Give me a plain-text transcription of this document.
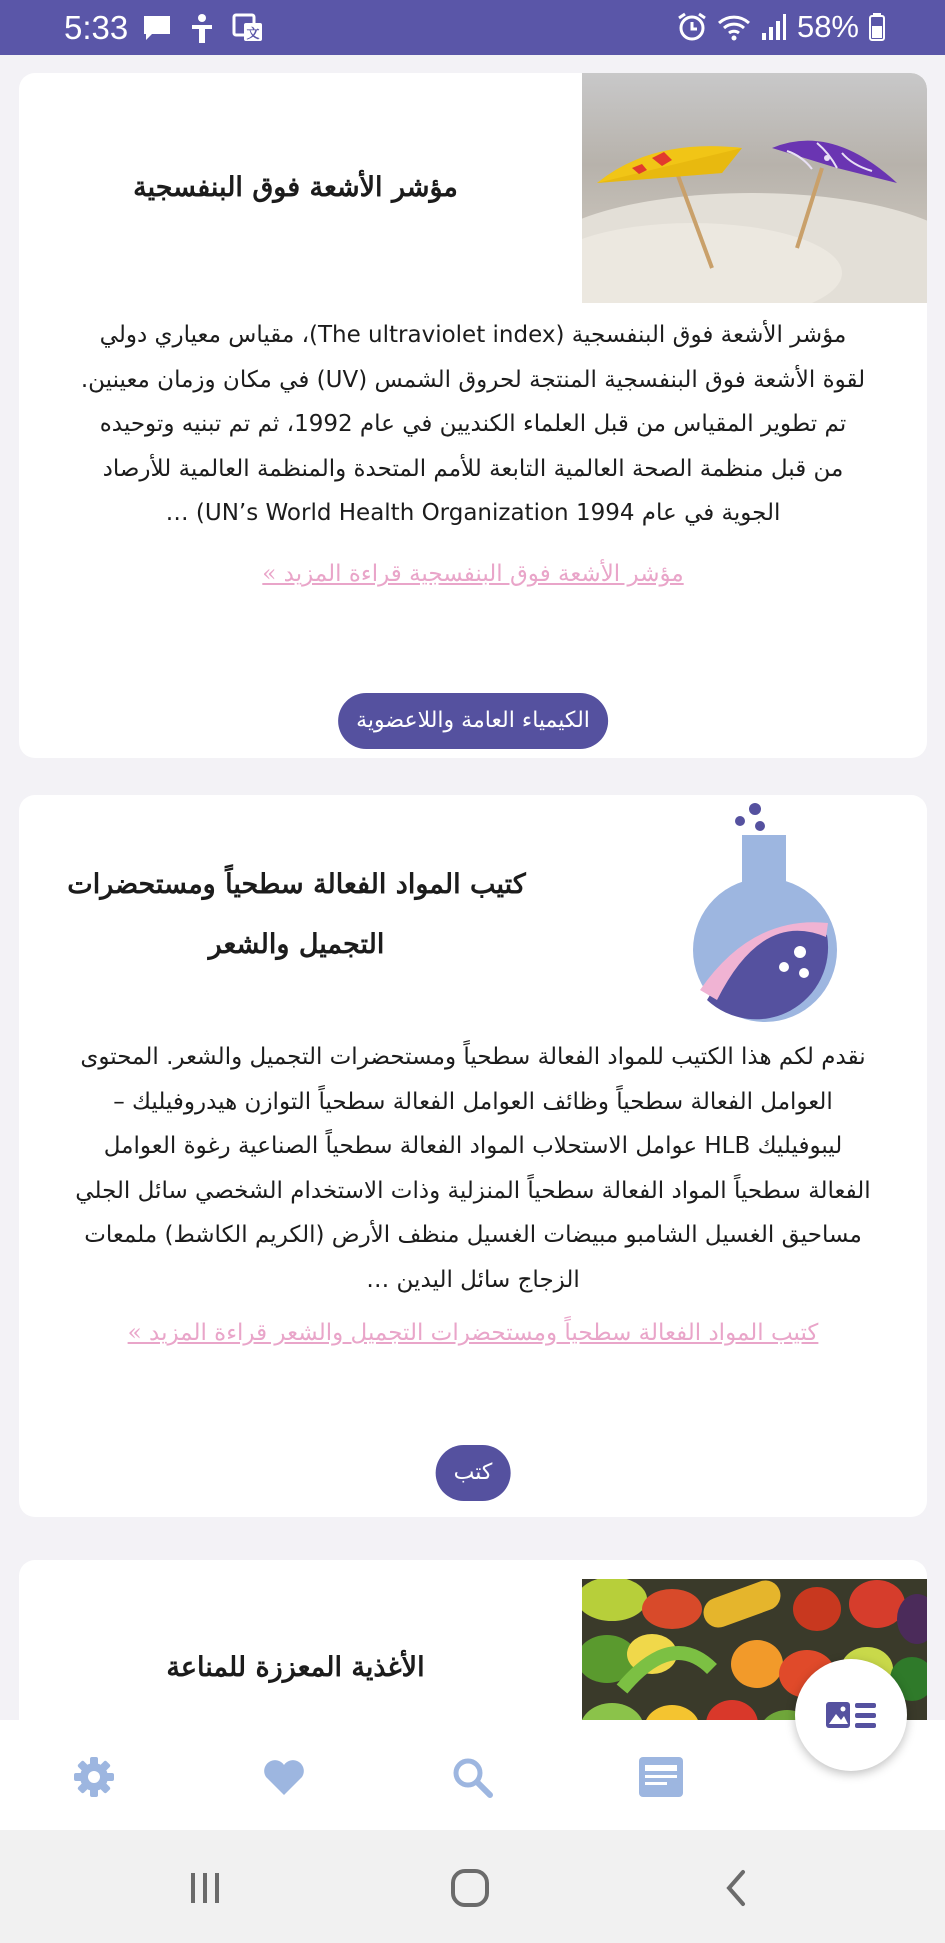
5:33	文	58%
مؤشر الأشعة فوق البنفسجية
مؤشر الأشعة فوق البنفسجية (The ultraviolet index)، مقياس معياري دولي
لقوة الأشعة فوق البنفسجية المنتجة لحروق الشمس (UV) في مكان وزمان معينين.
تم تطوير المقياس من قبل العلماء الكنديين في عام 1992، ثم تم تبنيه وتوحيده
من قبل منظمة الصحة العالمية التابعة للأمم المتحدة والمنظمة العالمية للأرصاد
الجوية في عام 1994 UN’s World Health Organization) …
مؤشر الأشعة فوق البنفسجية قراءة المزيد »
الكيمياء العامة واللاعضوية
كتيب المواد الفعالة سطحياً ومستحضرات
التجميل والشعر
نقدم لكم هذا الكتيب للمواد الفعالة سطحياً ومستحضرات التجميل والشعر. المحتوى
العوامل الفعالة سطحياً وظائف العوامل الفعالة سطحياً التوازن هيدروفيليك –
ليبوفيليك HLB عوامل الاستحلاب المواد الفعالة سطحياً الصناعية رغوة العوامل
الفعالة سطحياً المواد الفعالة سطحياً المنزلية وذات الاستخدام الشخصي سائل الجلي
مساحيق الغسيل الشامبو مبيضات الغسيل منظف الأرض (الكريم الكاشط) ملمعات
الزجاج سائل اليدين …
كتيب المواد الفعالة سطحياً ومستحضرات التجميل والشعر قراءة المزيد »
كتب
الأغذية المعززة للمناعة
